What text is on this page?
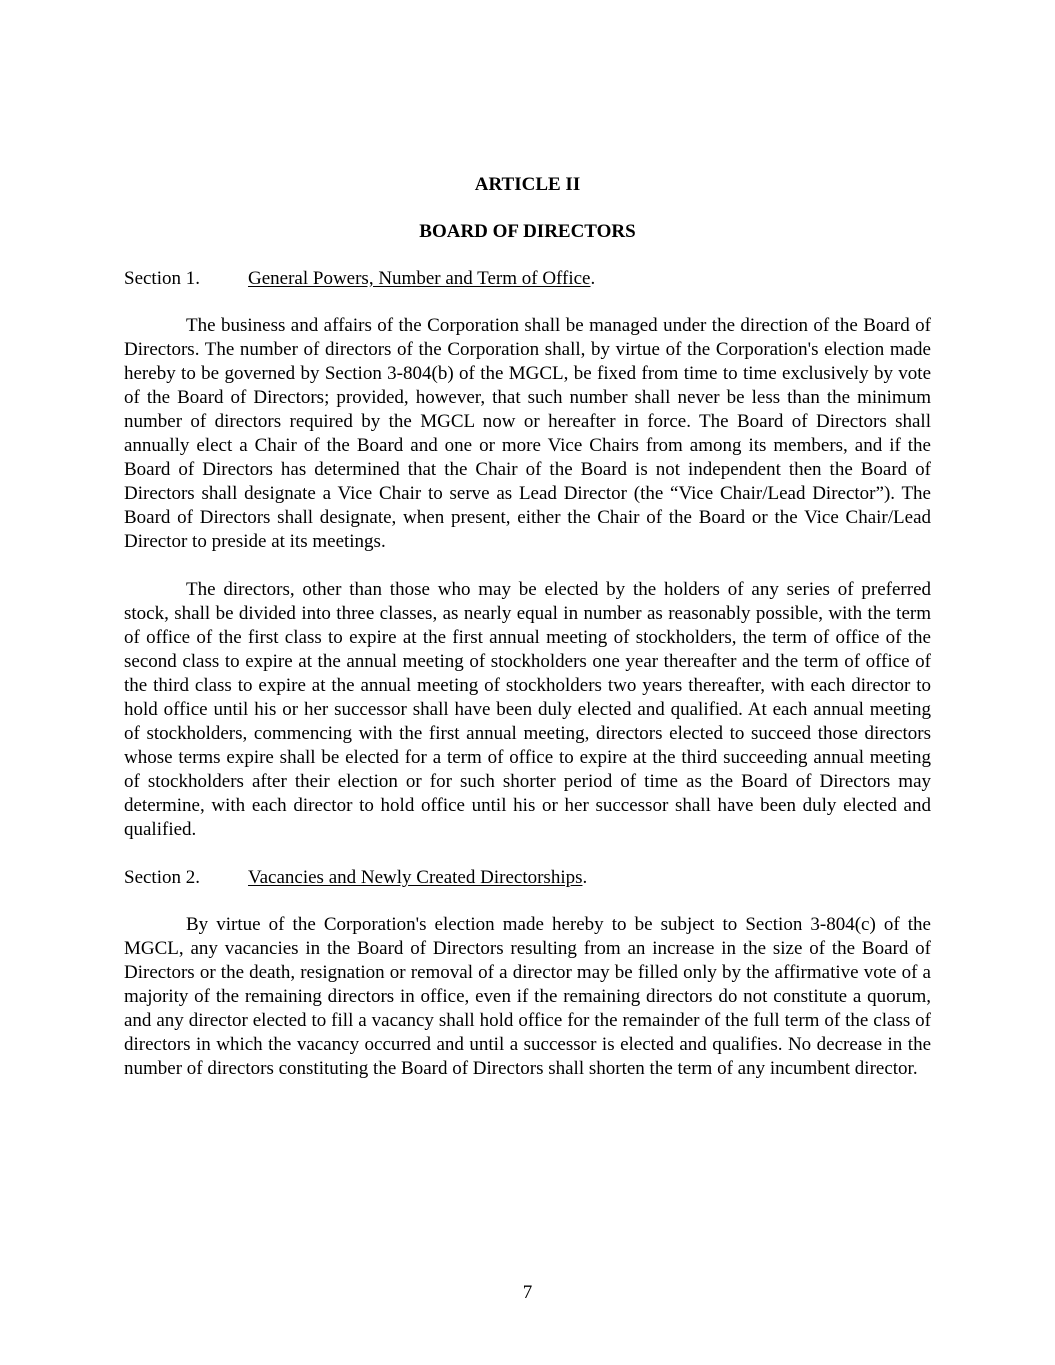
ARTICLE II

BOARD OF DIRECTORS

Section 1.	General Powers, Number and Term of Office.

The business and affairs of the Corporation shall be managed under the direction of the Board of Directors. The number of directors of the Corporation shall, by virtue of the Corporation's election made hereby to be governed by Section 3-804(b) of the MGCL, be fixed from time to time exclusively by vote of the Board of Directors; provided, however, that such number shall never be less than the minimum number of directors required by the MGCL now or hereafter in force. The Board of Directors shall annually elect a Chair of the Board and one or more Vice Chairs from among its members, and if the Board of Directors has determined that the Chair of the Board is not independent then the Board of Directors shall designate a Vice Chair to serve as Lead Director (the “Vice Chair/Lead Director”). The Board of Directors shall designate, when present, either the Chair of the Board or the Vice Chair/Lead Director to preside at its meetings.

The directors, other than those who may be elected by the holders of any series of preferred stock, shall be divided into three classes, as nearly equal in number as reasonably possible, with the term of office of the first class to expire at the first annual meeting of stockholders, the term of office of the second class to expire at the annual meeting of stockholders one year thereafter and the term of office of the third class to expire at the annual meeting of stockholders two years thereafter, with each director to hold office until his or her successor shall have been duly elected and qualified. At each annual meeting of stockholders, commencing with the first annual meeting, directors elected to succeed those directors whose terms expire shall be elected for a term of office to expire at the third succeeding annual meeting of stockholders after their election or for such shorter period of time as the Board of Directors may determine, with each director to hold office until his or her successor shall have been duly elected and qualified.

Section 2.	Vacancies and Newly Created Directorships.

By virtue of the Corporation's election made hereby to be subject to Section 3-804(c) of the MGCL, any vacancies in the Board of Directors resulting from an increase in the size of the Board of Directors or the death, resignation or removal of a director may be filled only by the affirmative vote of a majority of the remaining directors in office, even if the remaining directors do not constitute a quorum, and any director elected to fill a vacancy shall hold office for the remainder of the full term of the class of directors in which the vacancy occurred and until a successor is elected and qualifies. No decrease in the number of directors constituting the Board of Directors shall shorten the term of any incumbent director.

7
